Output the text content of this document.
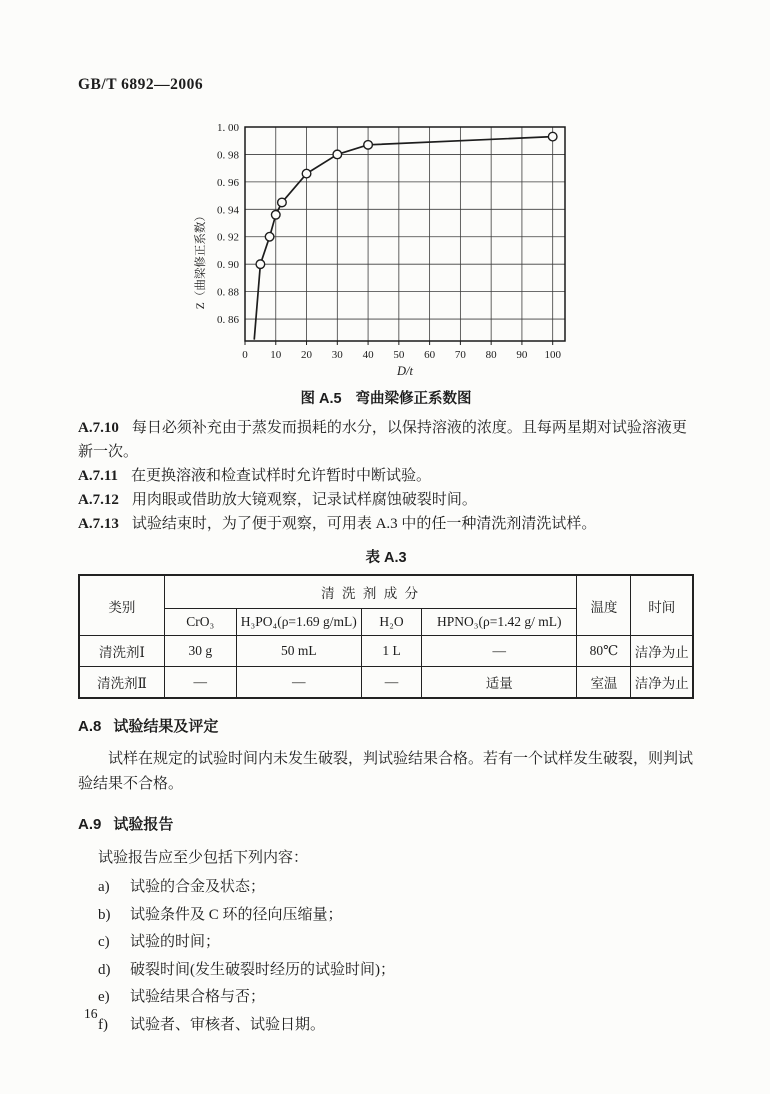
GB/T 6892—2006
0 10 20 30 40 50 60 70 80 90 100
1. 00
0. 98
0. 96
0. 94
0. 92
0. 90
0. 88
0. 86
D/t
Z（曲梁修正系数）
图 A.5 弯曲梁修正系数图

A.7.10 每日必须补充由于蒸发而损耗的水分，以保持溶液的浓度。且每两星期对试验溶液更新一次。

A.7.11 在更换溶液和检查试样时允许暂时中断试验。

A.7.12 用肉眼或借助放大镜观察，记录试样腐蚀破裂时间。

A.7.13 试验结束时，为了便于观察，可用表 A.3 中的任一种清洗剂清洗试样。

表 A.3
类别	清 洗 剂 成 分				温度	时间
	CrO₃	H₃PO₄(ρ=1.69 g/mL)	H₂O	HPNO₃(ρ=1.42 g/ mL)		
清洗剂Ⅰ	30 g	50 mL	1 L	—	80℃	洁净为止
清洗剂Ⅱ	—	—	—	适量	室温	洁净为止
A.8 试验结果及评定

试样在规定的试验时间内未发生破裂，判试验结果合格。若有一个试样发生破裂，则判试验结果不合格。

A.9 试验报告

试验报告应至少包括下列内容：

a) 试验的合金及状态；
b) 试验条件及 C 环的径向压缩量；
c) 试验的时间；
d) 破裂时间(发生破裂时经历的试验时间)；
e) 试验结果合格与否；
f) 试验者、审核者、试验日期。
16
